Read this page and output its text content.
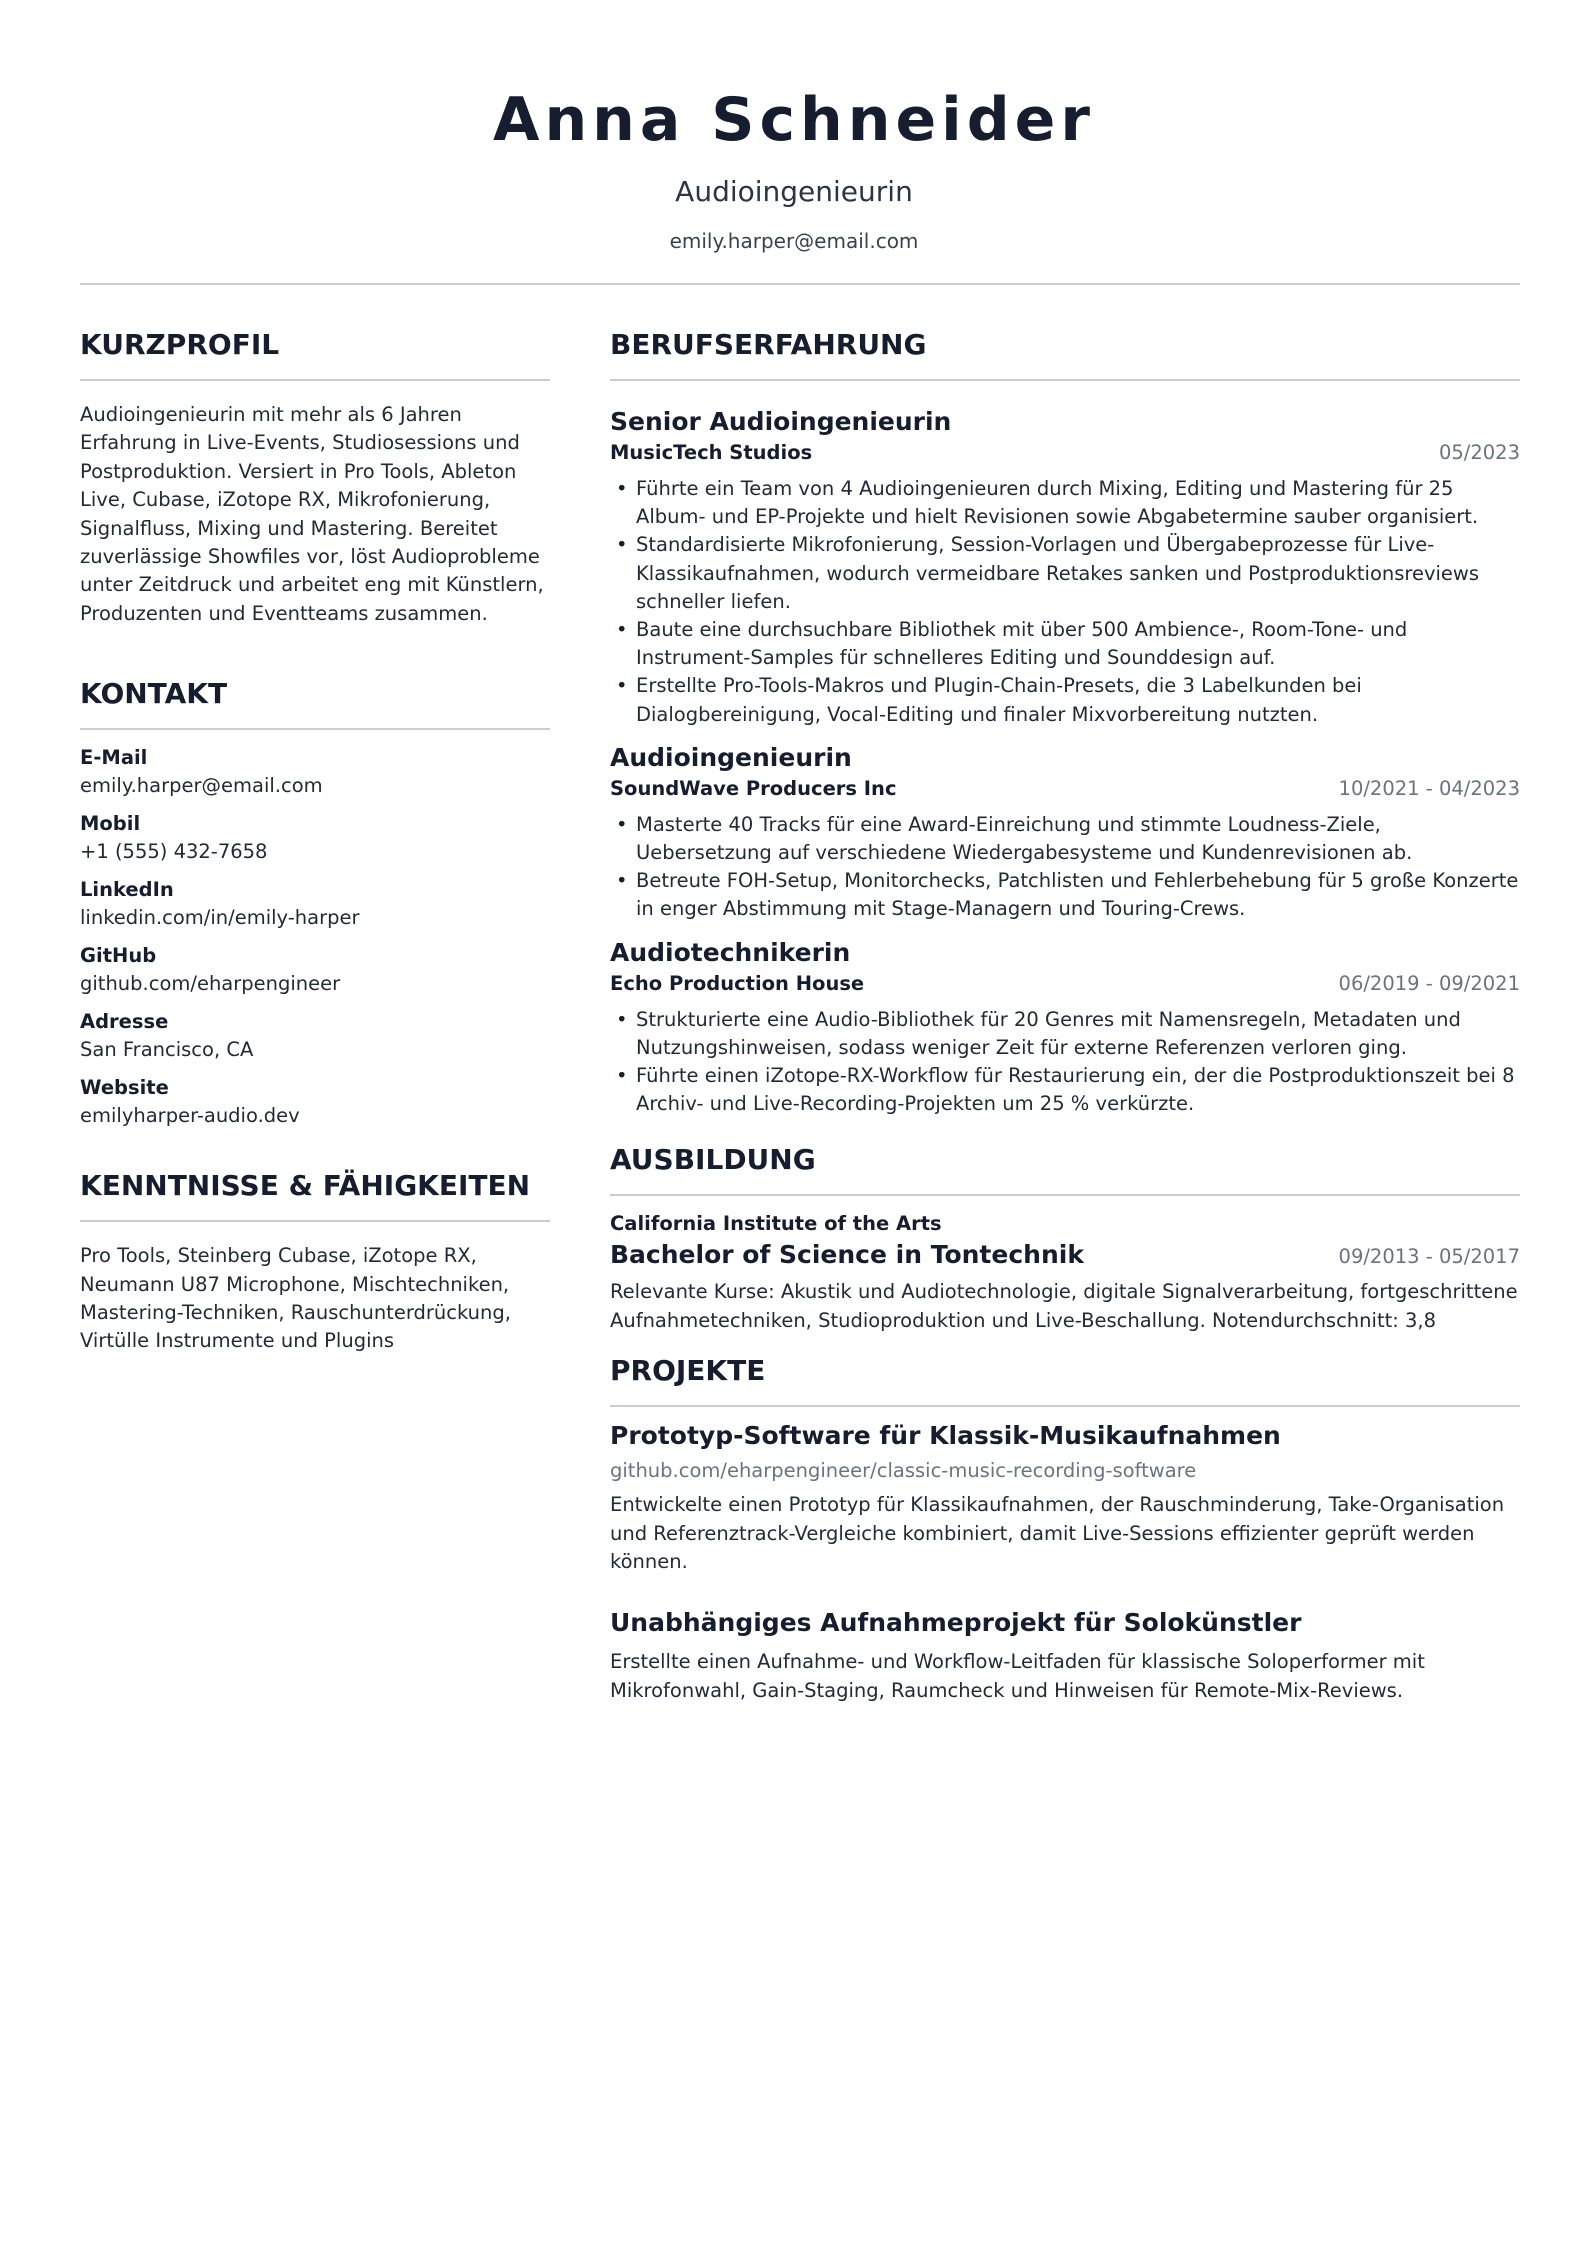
Anna Schneider
Audioingenieurin
emily.harper@email.com
KURZPROFIL

Audioingenieurin mit mehr als 6 Jahren Erfahrung in Live-Events, Studiosessions und Postproduktion. Versiert in Pro Tools, Ableton Live, Cubase, iZotope RX, Mikrofonierung, Signalfluss, Mixing und Mastering. Bereitet zuverlässige Showfiles vor, löst Audioprobleme unter Zeitdruck und arbeitet eng mit Künstlern, Produzenten und Eventteams zusammen.

KONTAKT
E-Mail
emily.harper@email.com
Mobil
+1 (555) 432-7658
LinkedIn
linkedin.com/in/emily-harper
GitHub
github.com/eharpengineer
Adresse
San Francisco, CA
Website
emilyharper-audio.dev
KENNTNISSE & FÄHIGKEITEN

Pro Tools, Steinberg Cubase, iZotope RX, Neumann U87 Microphone, Mischtechniken, Mastering-Techniken, Rauschunterdrückung, Virtülle Instrumente und Plugins

BERUFSERFAHRUNG
Senior Audioingenieurin
MusicTech Studios	05/2023
• Führte ein Team von 4 Audioingenieuren durch Mixing, Editing und Mastering für 25 Album- und EP-Projekte und hielt Revisionen sowie Abgabetermine sauber organisiert.
• Standardisierte Mikrofonierung, Session-Vorlagen und Übergabeprozesse für Live-Klassikaufnahmen, wodurch vermeidbare Retakes sanken und Postproduktionsreviews schneller liefen.
• Baute eine durchsuchbare Bibliothek mit über 500 Ambience-, Room-Tone- und Instrument-Samples für schnelleres Editing und Sounddesign auf.
• Erstellte Pro-Tools-Makros und Plugin-Chain-Presets, die 3 Labelkunden bei Dialogbereinigung, Vocal-Editing und finaler Mixvorbereitung nutzten.
Audioingenieurin
SoundWave Producers Inc	10/2021 - 04/2023
• Masterte 40 Tracks für eine Award-Einreichung und stimmte Loudness-Ziele, Uebersetzung auf verschiedene Wiedergabesysteme und Kundenrevisionen ab.
• Betreute FOH-Setup, Monitorchecks, Patchlisten und Fehlerbehebung für 5 große Konzerte in enger Abstimmung mit Stage-Managern und Touring-Crews.
Audiotechnikerin
Echo Production House	06/2019 - 09/2021
• Strukturierte eine Audio-Bibliothek für 20 Genres mit Namensregeln, Metadaten und Nutzungshinweisen, sodass weniger Zeit für externe Referenzen verloren ging.
• Führte einen iZotope-RX-Workflow für Restaurierung ein, der die Postproduktionszeit bei 8 Archiv- und Live-Recording-Projekten um 25 % verkürzte.
AUSBILDUNG
California Institute of the Arts
Bachelor of Science in Tontechnik	09/2013 - 05/2017

Relevante Kurse: Akustik und Audiotechnologie, digitale Signalverarbeitung, fortgeschrittene Aufnahmetechniken, Studioproduktion und Live-Beschallung. Notendurchschnitt: 3,8

PROJEKTE
Prototyp-Software für Klassik-Musikaufnahmen
github.com/eharpengineer/classic-music-recording-software

Entwickelte einen Prototyp für Klassikaufnahmen, der Rauschminderung, Take-Organisation und Referenztrack-Vergleiche kombiniert, damit Live-Sessions effizienter geprüft werden können.

Unabhängiges Aufnahmeprojekt für Solokünstler

Erstellte einen Aufnahme- und Workflow-Leitfaden für klassische Soloperformer mit Mikrofonwahl, Gain-Staging, Raumcheck und Hinweisen für Remote-Mix-Reviews.
